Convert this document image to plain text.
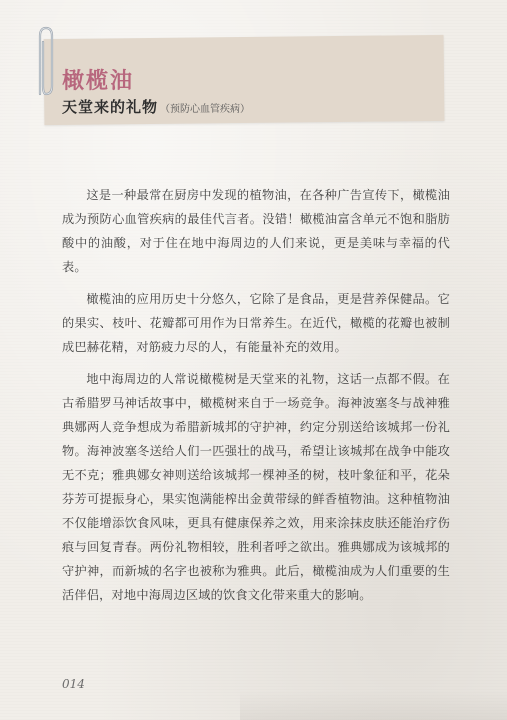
橄榄油
天堂来的礼物 （预防心血管疾病）

这是一种最常在厨房中发现的植物油，在各种广告宣传下，橄榄油成为预防心血管疾病的最佳代言者。没错！橄榄油富含单元不饱和脂肪酸中的油酸，对于住在地中海周边的人们来说，更是美味与幸福的代表。

橄榄油的应用历史十分悠久，它除了是食品，更是营养保健品。它的果实、枝叶、花瓣都可用作为日常养生。在近代，橄榄的花瓣也被制成巴赫花精，对筋疲力尽的人，有能量补充的效用。

地中海周边的人常说橄榄树是天堂来的礼物，这话一点都不假。在古希腊罗马神话故事中，橄榄树来自于一场竞争。海神波塞冬与战神雅典娜两人竞争想成为希腊新城邦的守护神，约定分别送给该城邦一份礼物。海神波塞冬送给人们一匹强壮的战马，希望让该城邦在战争中能攻无不克；雅典娜女神则送给该城邦一棵神圣的树，枝叶象征和平，花朵芬芳可提振身心，果实饱满能榨出金黄带绿的鲜香植物油。这种植物油不仅能增添饮食风味，更具有健康保养之效，用来涂抹皮肤还能治疗伤痕与回复青春。两份礼物相较，胜利者呼之欲出。雅典娜成为该城邦的守护神，而新城的名字也被称为雅典。此后，橄榄油成为人们重要的生活伴侣，对地中海周边区域的饮食文化带来重大的影响。

014
